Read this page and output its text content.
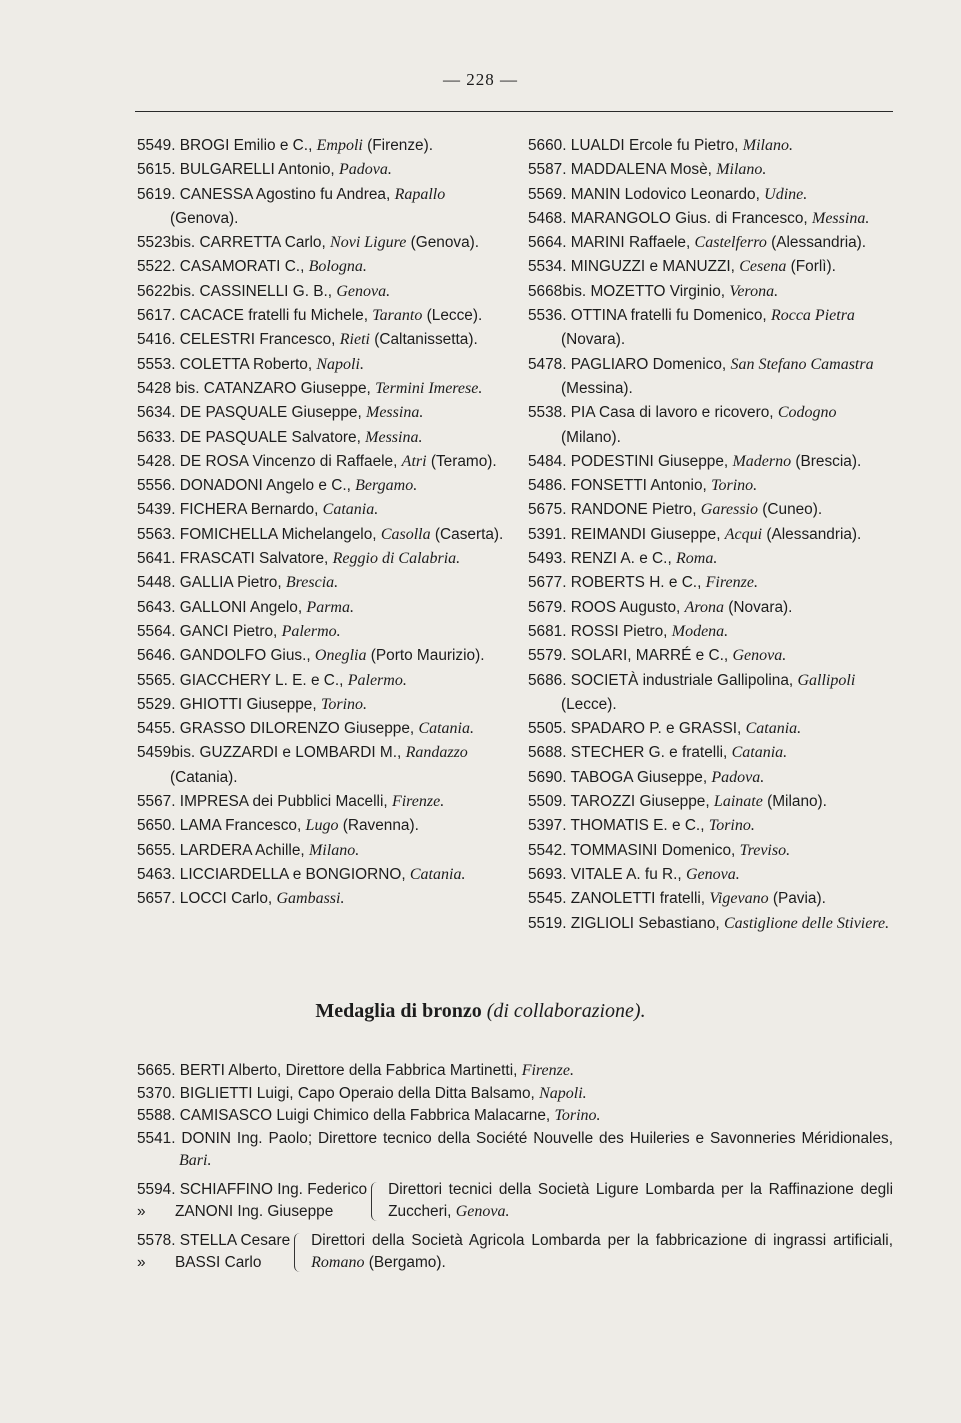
— 228 —

5549. BROGI Emilio e C., Empoli (Firenze).

5615. BULGARELLI Antonio, Padova.

5619. CANESSA Agostino fu Andrea, Rapallo (Genova).

5523bis. CARRETTA Carlo, Novi Ligure (Genova).

5522. CASAMORATI C., Bologna.

5622bis. CASSINELLI G. B., Genova.

5617. CACACE fratelli fu Michele, Taranto (Lecce).

5416. CELESTRI Francesco, Rieti (Caltanissetta).

5553. COLETTA Roberto, Napoli.

5428 bis. CATANZARO Giuseppe, Termini Imerese.

5634. DE PASQUALE Giuseppe, Messina.

5633. DE PASQUALE Salvatore, Messina.

5428. DE ROSA Vincenzo di Raffaele, Atri (Teramo).

5556. DONADONI Angelo e C., Bergamo.

5439. FICHERA Bernardo, Catania.

5563. FOMICHELLA Michelangelo, Casolla (Caserta).

5641. FRASCATI Salvatore, Reggio di Calabria.

5448. GALLIA Pietro, Brescia.

5643. GALLONI Angelo, Parma.

5564. GANCI Pietro, Palermo.

5646. GANDOLFO Gius., Oneglia (Porto Maurizio).

5565. GIACCHERY L. E. e C., Palermo.

5529. GHIOTTI Giuseppe, Torino.

5455. GRASSO DILORENZO Giuseppe, Catania.

5459bis. GUZZARDI e LOMBARDI M., Randazzo (Catania).

5567. IMPRESA dei Pubblici Macelli, Firenze.

5650. LAMA Francesco, Lugo (Ravenna).

5655. LARDERA Achille, Milano.

5463. LICCIARDELLA e BONGIORNO, Catania.

5657. LOCCI Carlo, Gambassi.

5660. LUALDI Ercole fu Pietro, Milano.

5587. MADDALENA Mosè, Milano.

5569. MANIN Lodovico Leonardo, Udine.

5468. MARANGOLO Gius. di Francesco, Messina.

5664. MARINI Raffaele, Castelferro (Alessandria).

5534. MINGUZZI e MANUZZI, Cesena (Forlì).

5668bis. MOZETTO Virginio, Verona.

5536. OTTINA fratelli fu Domenico, Rocca Pietra (Novara).

5478. PAGLIARO Domenico, San Stefano Camastra (Messina).

5538. PIA Casa di lavoro e ricovero, Codogno (Milano).

5484. PODESTINI Giuseppe, Maderno (Brescia).

5486. FONSETTI Antonio, Torino.

5675. RANDONE Pietro, Garessio (Cuneo).

5391. REIMANDI Giuseppe, Acqui (Alessandria).

5493. RENZI A. e C., Roma.

5677. ROBERTS H. e C., Firenze.

5679. ROOS Augusto, Arona (Novara).

5681. ROSSI Pietro, Modena.

5579. SOLARI, MARRÉ e C., Genova.

5686. SOCIETÀ industriale Gallipolina, Gallipoli (Lecce).

5505. SPADARO P. e GRASSI, Catania.

5688. STECHER G. e fratelli, Catania.

5690. TABOGA Giuseppe, Padova.

5509. TAROZZI Giuseppe, Lainate (Milano).

5397. THOMATIS E. e C., Torino.

5542. TOMMASINI Domenico, Treviso.

5693. VITALE A. fu R., Genova.

5545. ZANOLETTI fratelli, Vigevano (Pavia).

5519. ZIGLIOLI Sebastiano, Castiglione delle Stiviere.

Medaglia di bronzo (di collaborazione).

5665. BERTI Alberto, Direttore della Fabbrica Martinetti, Firenze.

5370. BIGLIETTI Luigi, Capo Operaio della Ditta Balsamo, Napoli.

5588. CAMISASCO Luigi Chimico della Fabbrica Malacarne, Torino.

5541. DONIN Ing. Paolo; Direttore tecnico della Société Nouvelle des Huileries e Savonneries Méridionales, Bari.

5594. SCHIAFFINO Ing. Federico
» ZANONI Ing. Giuseppe
Direttori tecnici della Società Ligure Lombarda per la Raffinazione degli Zuccheri, Genova.
5578. STELLA Cesare
» BASSI Carlo
Direttori della Società Agricola Lombarda per la fabbricazione di ingrassi artificiali, Romano (Bergamo).
